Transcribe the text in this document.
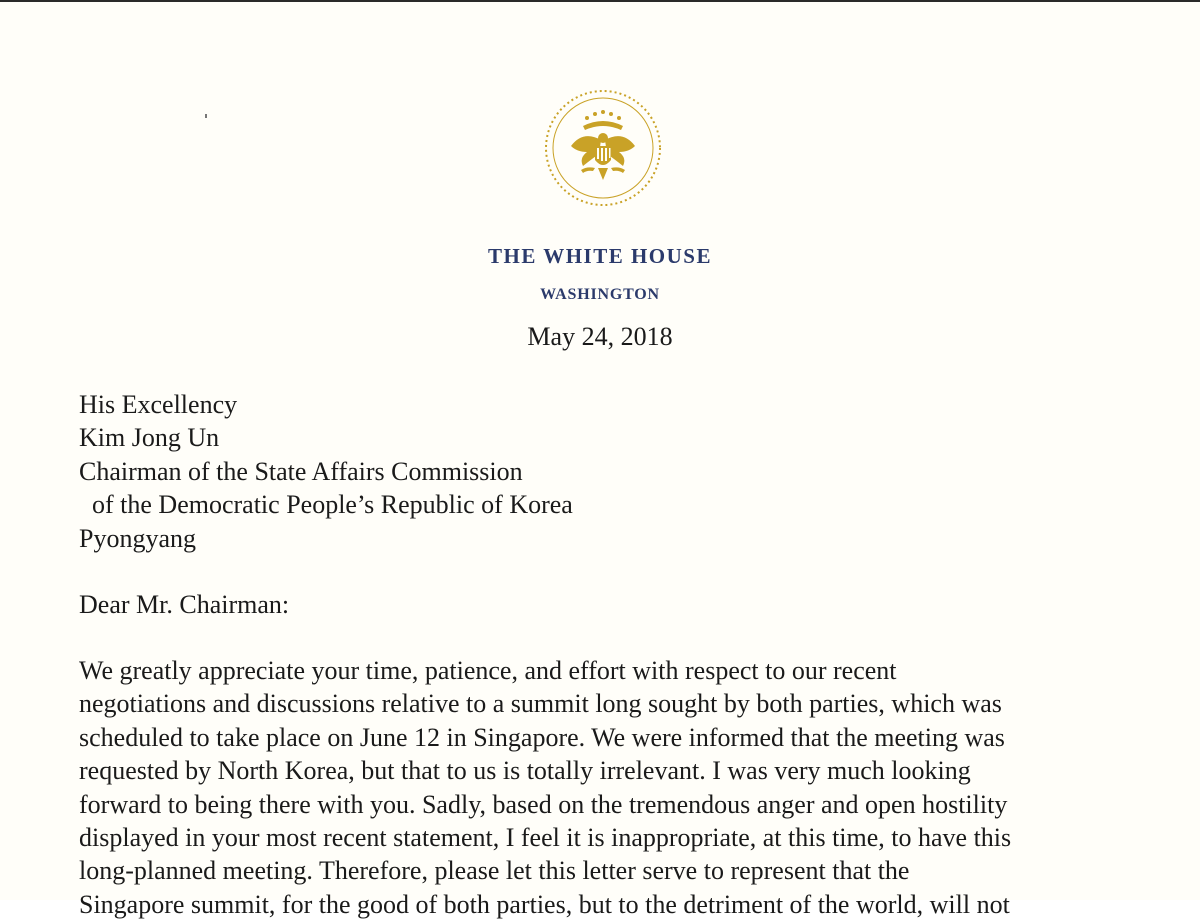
THE WHITE HOUSE
WASHINGTON
May 24, 2018
His Excellency
Kim Jong Un
Chairman of the State Affairs Commission
of the Democratic People’s Republic of Korea
Pyongyang
Dear Mr. Chairman:
We greatly appreciate your time, patience, and effort with respect to our recent
negotiations and discussions relative to a summit long sought by both parties, which was
scheduled to take place on June 12 in Singapore. We were informed that the meeting was
requested by North Korea, but that to us is totally irrelevant. I was very much looking
forward to being there with you. Sadly, based on the tremendous anger and open hostility
displayed in your most recent statement, I feel it is inappropriate, at this time, to have this
long-planned meeting. Therefore, please let this letter serve to represent that the
Singapore summit, for the good of both parties, but to the detriment of the world, will not
